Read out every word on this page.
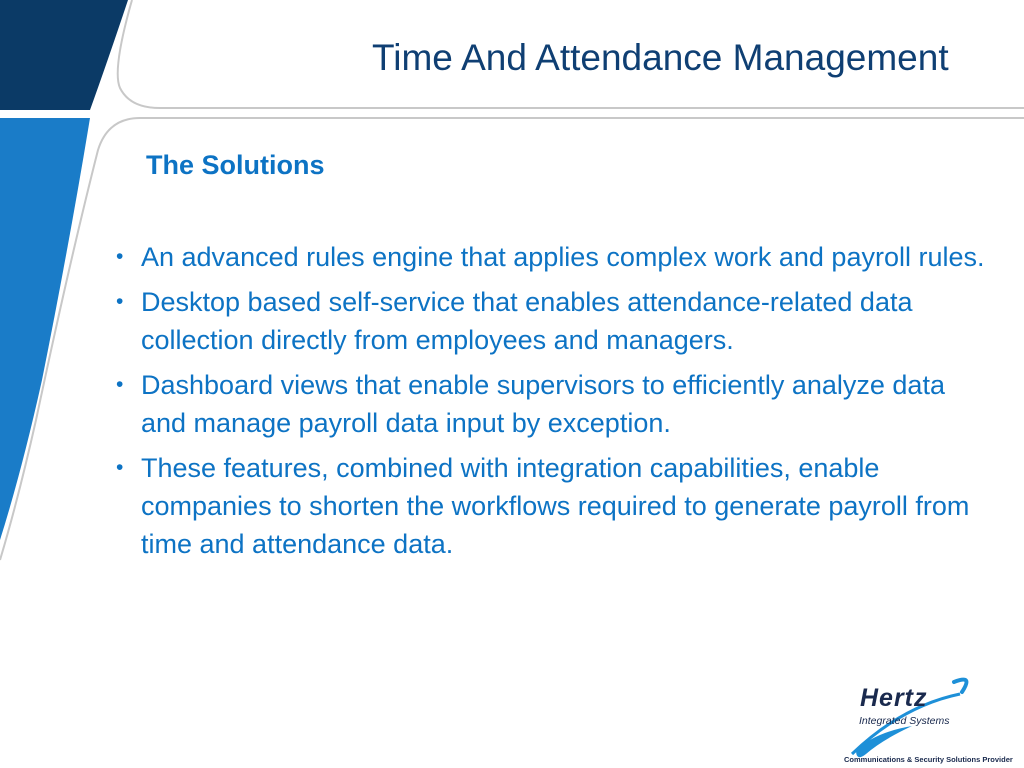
Time And Attendance Management
The Solutions
• An advanced rules engine that applies complex work and payroll rules.
• Desktop based self-service that enables attendance-related data collection directly from employees and managers.
• Dashboard views that enable supervisors to efficiently analyze data and manage payroll data input by exception.
• These features, combined with integration capabilities, enable companies to shorten the workflows required to generate payroll from time and attendance data.
Hertz
Integrated Systems
Communications & Security Solutions Provider
